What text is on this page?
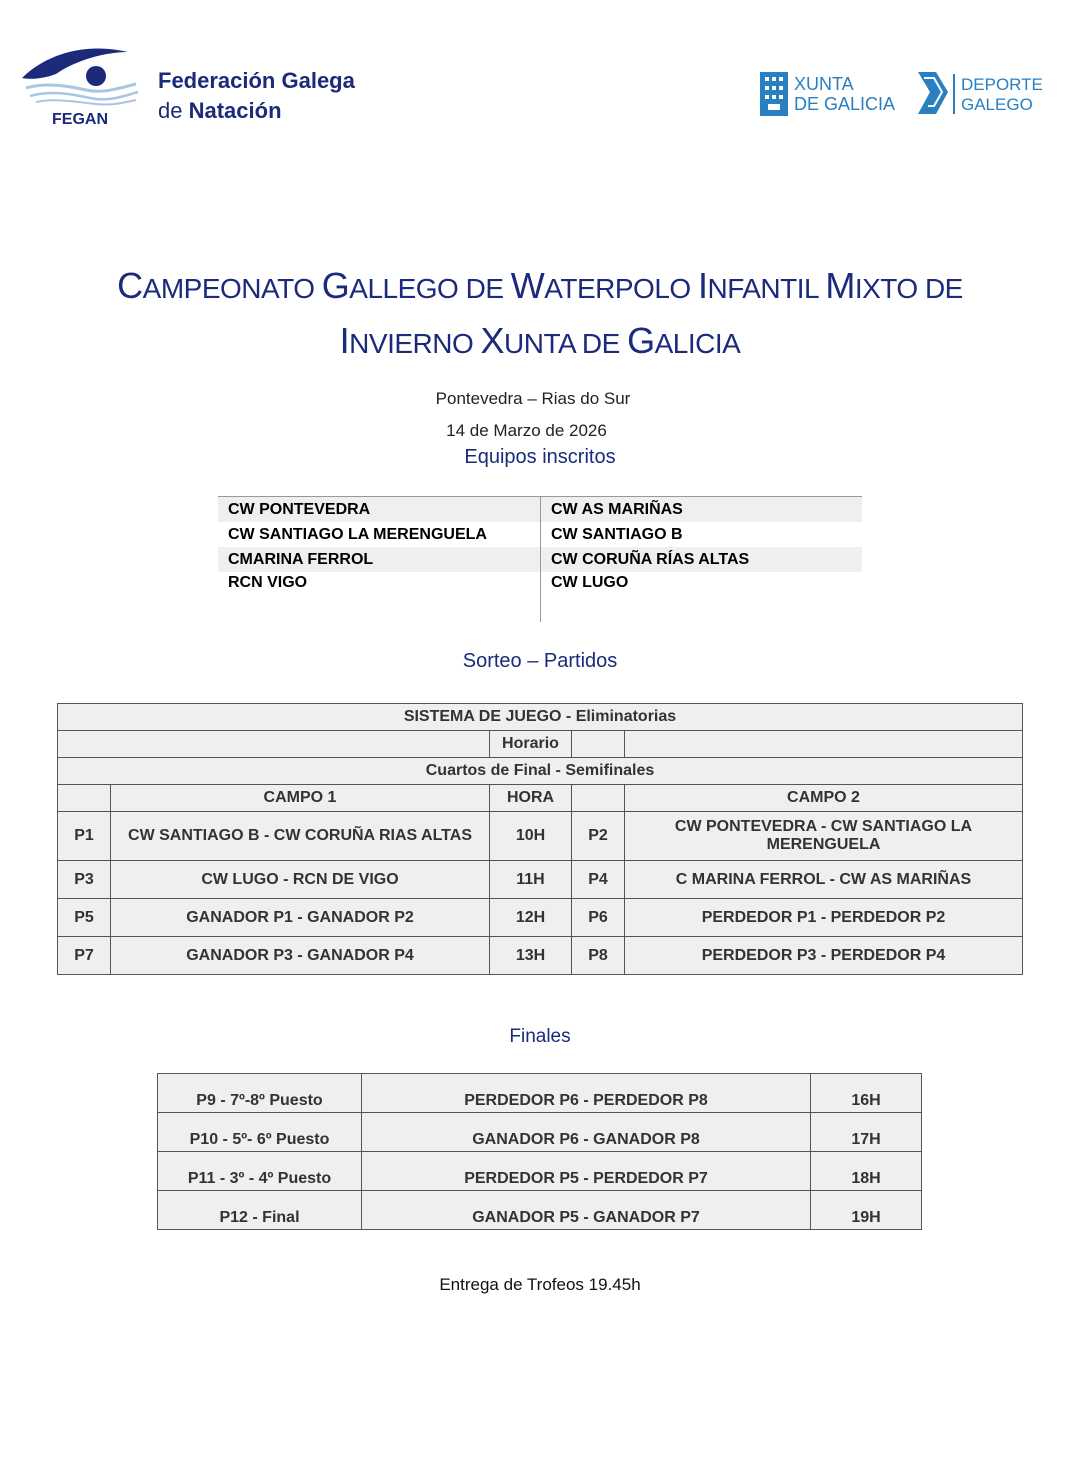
FEGAN
Federación Galega
de Natación
XUNTA
DE GALICIA
DEPORTE
GALEGO
CAMPEONATO GALLEGO DE WATERPOLO INFANTIL MIXTO DE
INVIERNO XUNTA DE GALICIA
Pontevedra – Rias do Sur
14 de Marzo de 2026
Equipos inscritos
CW PONTEVEDRA	CW AS MARIÑAS
CW SANTIAGO LA MERENGUELA	CW SANTIAGO B
CMARINA FERROL	CW CORUÑA RÍAS ALTAS
RCN VIGO	CW LUGO
Sorteo – Partidos
SISTEMA DE JUEGO - Eliminatorias				
		Horario		
Cuartos de Final - Semifinales				
	CAMPO 1	HORA		CAMPO 2
P1	CW SANTIAGO B - CW CORUÑA RIAS ALTAS	10H	P2	CW PONTEVEDRA - CW SANTIAGO LA MERENGUELA
P3	CW LUGO - RCN DE VIGO	11H	P4	C MARINA FERROL - CW AS MARIÑAS
P5	GANADOR P1 - GANADOR P2	12H	P6	PERDEDOR P1 - PERDEDOR P2
P7	GANADOR P3 - GANADOR P4	13H	P8	PERDEDOR P3 - PERDEDOR P4
Finales
P9 - 7º-8º Puesto	PERDEDOR P6 - PERDEDOR P8	16H
P10 - 5º- 6º Puesto	GANADOR P6 - GANADOR P8	17H
P11 - 3º - 4º Puesto	PERDEDOR P5 - PERDEDOR P7	18H
P12 - Final	GANADOR P5 - GANADOR P7	19H
Entrega de Trofeos 19.45h
